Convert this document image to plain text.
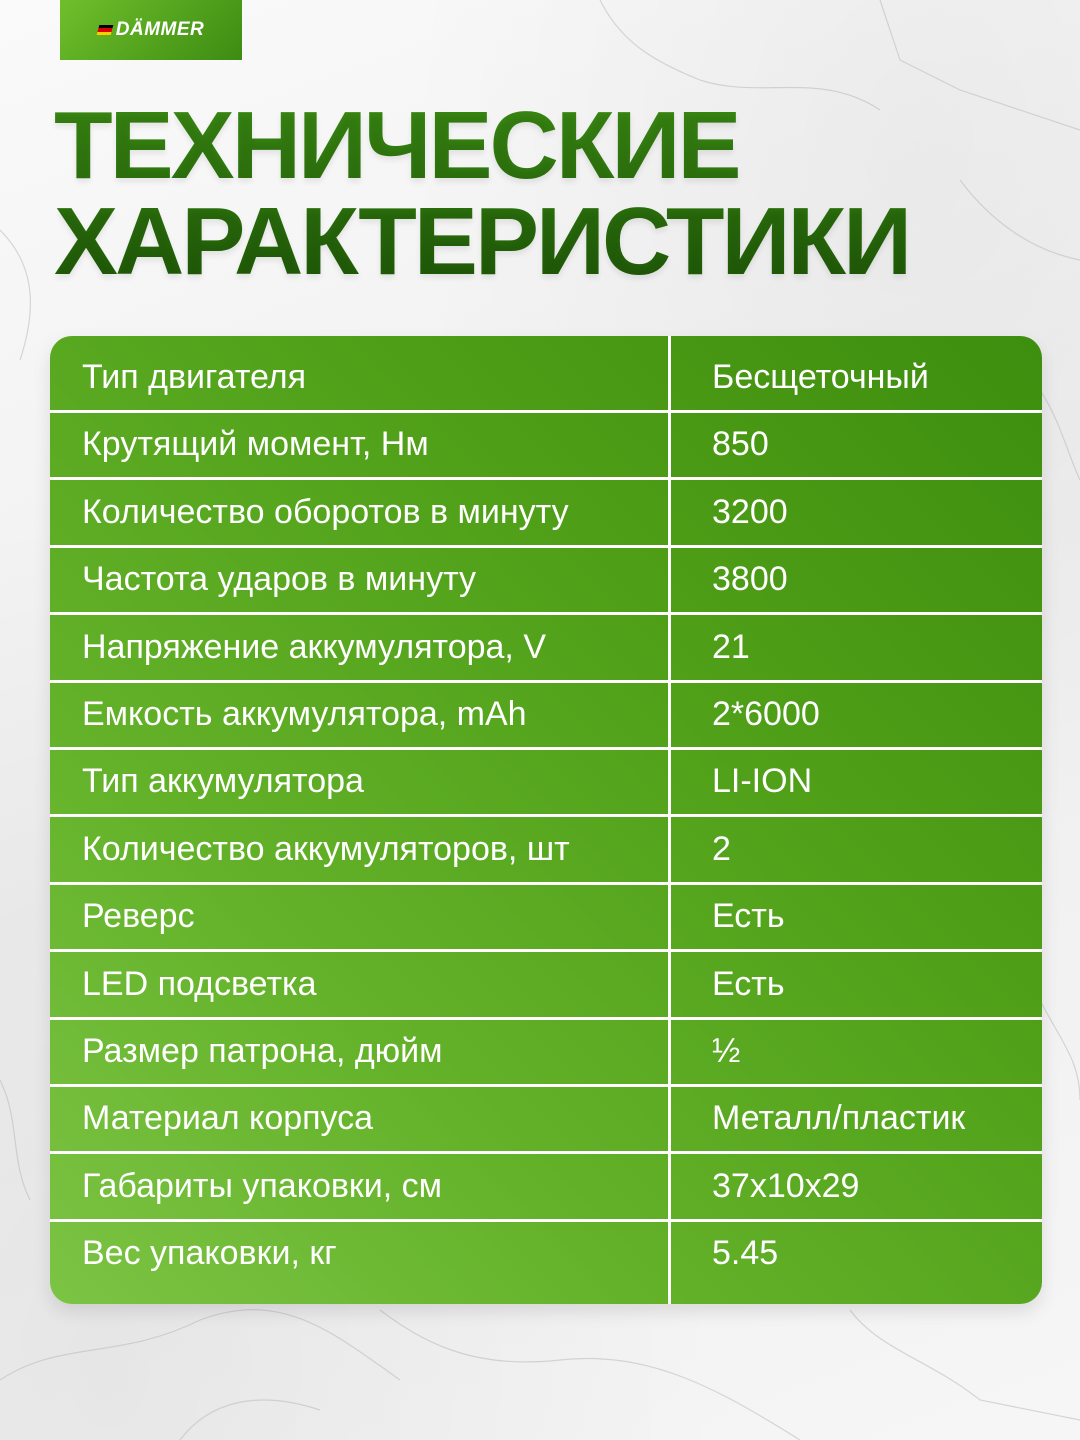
DÄMMER
ТЕХНИЧЕСКИЕ
ХАРАКТЕРИСТИКИ
Тип двигателя	Бесщеточный
Крутящий момент, Нм	850
Количество оборотов в минуту	3200
Частота ударов в минуту	3800
Напряжение аккумулятора, V	21
Емкость аккумулятора, mAh	2*6000
Тип аккумулятора	LI-ION
Количество аккумуляторов, шт	2
Реверс	Есть
LED подсветка	Есть
Размер патрона, дюйм	½
Материал корпуса	Металл/пластик
Габариты упаковки, см	37x10x29
Вес упаковки, кг	5.45
